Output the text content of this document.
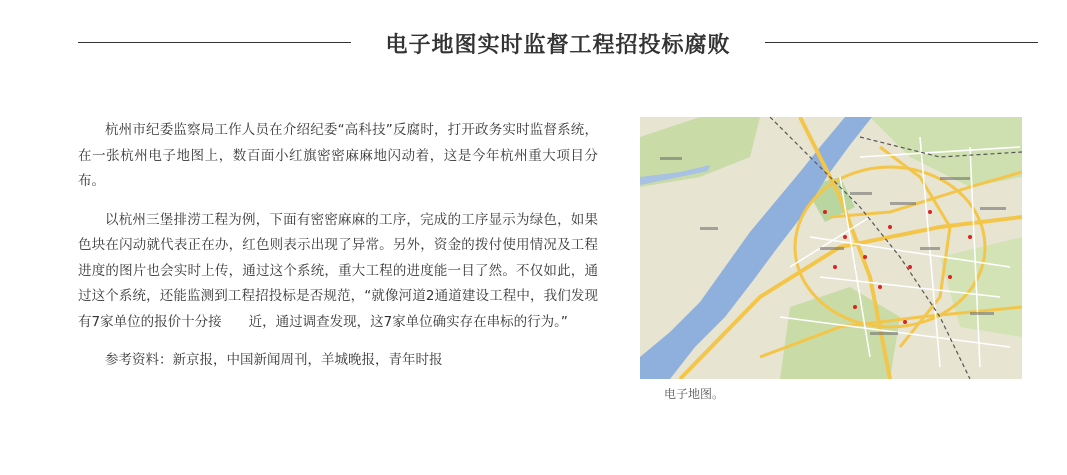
电子地图实时监督工程招投标腐败

杭州市纪委监察局工作人员在介绍纪委“高科技”反腐时，打开政务实时监督系统，在一张杭州电子地图上，数百面小红旗密密麻麻地闪动着，这是今年杭州重大项目分布。

以杭州三堡排涝工程为例，下面有密密麻麻的工序，完成的工序显示为绿色，如果色块在闪动就代表正在办，红色则表示出现了异常。另外，资金的拨付使用情况及工程进度的图片也会实时上传，通过这个系统，重大工程的进度能一目了然。不仅如此，通过这个系统，还能监测到工程招投标是否规范，“就像河道2通道建设工程中，我们发现有7家单位的报价十分接　　近，通过调查发现，这7家单位确实存在串标的行为。”

参考资料：新京报，中国新闻周刊，羊城晚报，青年时报

电子地图。
